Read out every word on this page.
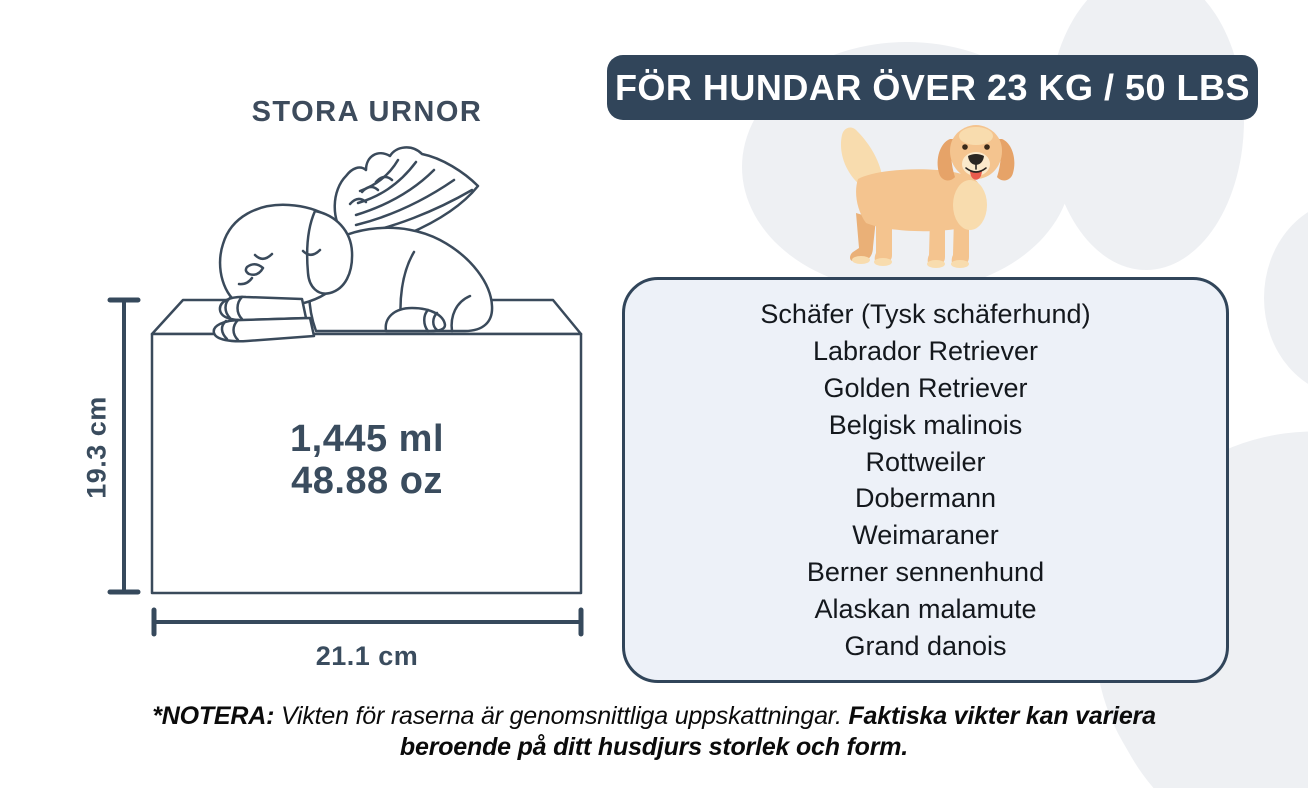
STORA URNOR
1,445 ml
48.88 oz
19.3 cm
21.1 cm
FÖR HUNDAR ÖVER 23 KG / 50 LBS
Schäfer (Tysk schäferhund)
Labrador Retriever
Golden Retriever
Belgisk malinois
Rottweiler
Dobermann
Weimaraner
Berner sennenhund
Alaskan malamute
Grand danois
*NOTERA: Vikten för raserna är genomsnittliga uppskattningar. Faktiska vikter kan variera beroende på ditt husdjurs storlek och form.
